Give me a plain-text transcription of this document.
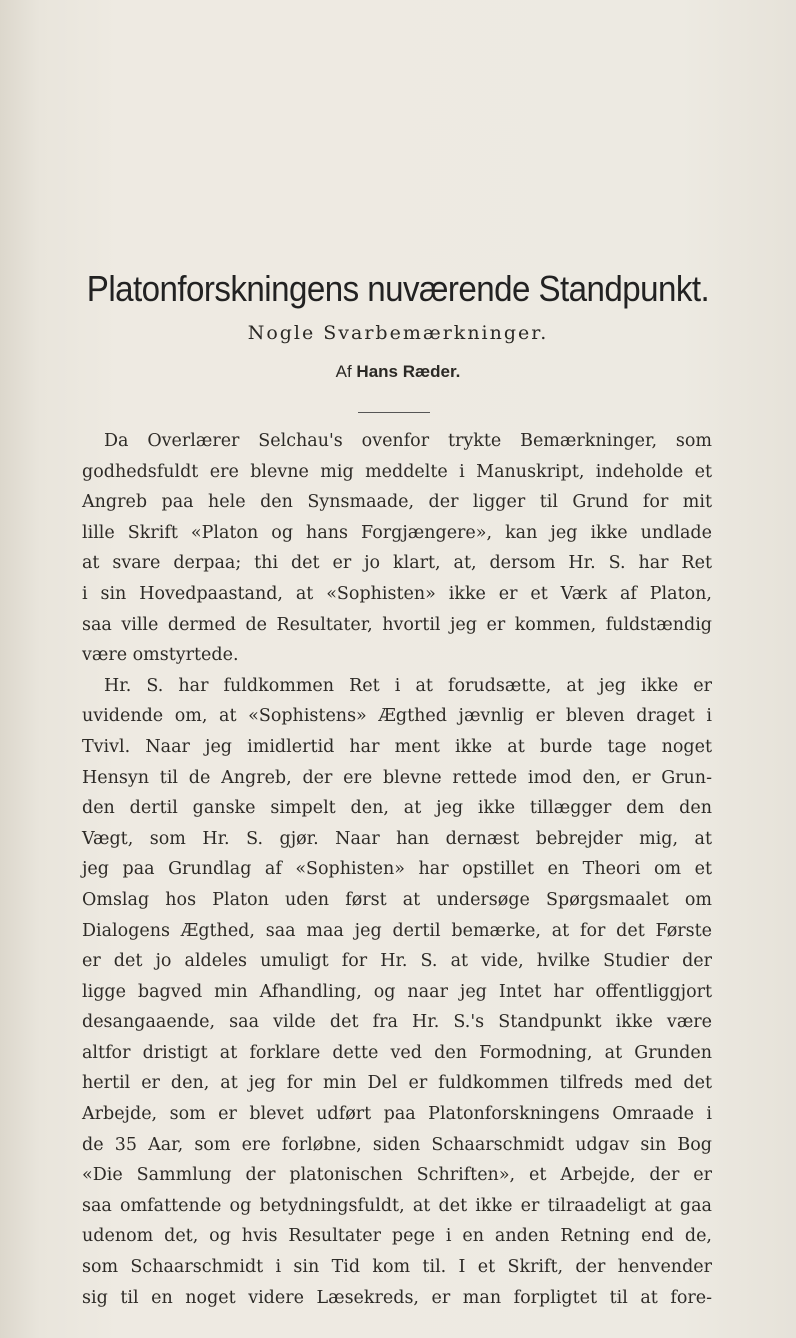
Platonforskningens nuværende Standpunkt.
Nogle Svarbemærkninger.
Af Hans Ræder.
Da Overlærer Selchau's ovenfor trykte Bemærkninger, som
godhedsfuldt ere blevne mig meddelte i Manuskript, indeholde et
Angreb paa hele den Synsmaade, der ligger til Grund for mit
lille Skrift «Platon og hans Forgjængere», kan jeg ikke undlade
at svare derpaa; thi det er jo klart, at, dersom Hr. S. har Ret
i sin Hovedpaastand, at «Sophisten» ikke er et Værk af Platon,
saa ville dermed de Resultater, hvortil jeg er kommen, fuldstændig
være omstyrtede.
Hr. S. har fuldkommen Ret i at forudsætte, at jeg ikke er
uvidende om, at «Sophistens» Ægthed jævnlig er bleven draget i
Tvivl. Naar jeg imidlertid har ment ikke at burde tage noget
Hensyn til de Angreb, der ere blevne rettede imod den, er Grun-
den dertil ganske simpelt den, at jeg ikke tillægger dem den
Vægt, som Hr. S. gjør. Naar han dernæst bebrejder mig, at
jeg paa Grundlag af «Sophisten» har opstillet en Theori om et
Omslag hos Platon uden først at undersøge Spørgsmaalet om
Dialogens Ægthed, saa maa jeg dertil bemærke, at for det Første
er det jo aldeles umuligt for Hr. S. at vide, hvilke Studier der
ligge bagved min Afhandling, og naar jeg Intet har offentliggjort
desangaaende, saa vilde det fra Hr. S.'s Standpunkt ikke være
altfor dristigt at forklare dette ved den Formodning, at Grunden
hertil er den, at jeg for min Del er fuldkommen tilfreds med det
Arbejde, som er blevet udført paa Platonforskningens Omraade i
de 35 Aar, som ere forløbne, siden Schaarschmidt udgav sin Bog
«Die Sammlung der platonischen Schriften», et Arbejde, der er
saa omfattende og betydningsfuldt, at det ikke er tilraadeligt at gaa
udenom det, og hvis Resultater pege i en anden Retning end de,
som Schaarschmidt i sin Tid kom til. I et Skrift, der henvender
sig til en noget videre Læsekreds, er man forpligtet til at fore-
